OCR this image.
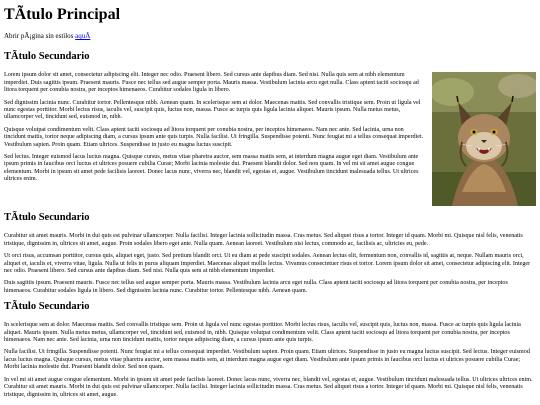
TÃtulo Principal

Abrir pÃ¡gina sin estilos aquÃ

TÃtulo Secundario

Lorem ipsum dolor sit amet, consectetur adipiscing elit. Integer nec odio. Praesent libero. Sed cursus ante dapibus diam. Sed nisi. Nulla quis sem at nibh elementum imperdiet. Duis sagittis ipsum. Praesent mauris. Fusce nec tellus sed augue semper porta. Mauris massa. Vestibulum lacinia arcu eget nulla. Class aptent taciti sociosqu ad litora torquent per conubia nostra, per inceptos himenaeos. Curabitur sodales ligula in libero.

Sed dignissim lacinia nunc. Curabitur tortor. Pellentesque nibh. Aenean quam. In scelerisque sem at dolor. Maecenas mattis. Sed convallis tristique sem. Proin ut ligula vel nunc egestas porttitor. Morbi lectus risus, iaculis vel, suscipit quis, luctus non, massa. Fusce ac turpis quis ligula lacinia aliquet. Mauris ipsum. Nulla metus metus, ullamcorper vel, tincidunt sed, euismod in, nibh.

Quisque volutpat condimentum velit. Class aptent taciti sociosqu ad litora torquent per conubia nostra, per inceptos himenaeos. Nam nec ante. Sed lacinia, urna non tincidunt mattis, tortor neque adipiscing diam, a cursus ipsum ante quis turpis. Nulla facilisi. Ut fringilla. Suspendisse potenti. Nunc feugiat mi a tellus consequat imperdiet. Vestibulum sapien. Proin quam. Etiam ultrices. Suspendisse in justo eu magna luctus suscipit.

Sed lectus. Integer euismod lacus luctus magna. Quisque cursus, metus vitae pharetra auctor, sem massa mattis sem, at interdum magna augue eget diam. Vestibulum ante ipsum primis in faucibus orci luctus et ultrices posuere cubilia Curae; Morbi lacinia molestie dui. Praesent blandit dolor. Sed non quam. In vel mi sit amet augue congue elementum. Morbi in ipsum sit amet pede facilisis laoreet. Donec lacus nunc, viverra nec, blandit vel, egestas et, augue. Vestibulum tincidunt malesuada tellus. Ut ultrices ultrices enim.

TÃtulo Secundario

Curabitur sit amet mauris. Morbi in dui quis est pulvinar ullamcorper. Nulla facilisi. Integer lacinia sollicitudin massa. Cras metus. Sed aliquet risus a tortor. Integer id quam. Morbi mi. Quisque nisl felis, venenatis tristique, dignissim in, ultrices sit amet, augue. Proin sodales libero eget ante. Nulla quam. Aenean laoreet. Vestibulum nisi lectus, commodo ac, facilisis ac, ultricies eu, pede.

Ut orci risus, accumsan porttitor, cursus quis, aliquet eget, justo. Sed pretium blandit orci. Ut eu diam at pede suscipit sodales. Aenean lectus elit, fermentum non, convallis id, sagittis at, neque. Nullam mauris orci, aliquet et, iaculis et, viverra vitae, ligula. Nulla ut felis in purus aliquam imperdiet. Maecenas aliquet mollis lectus. Vivamus consectetuer risus et tortor. Lorem ipsum dolor sit amet, consectetur adipiscing elit. Integer nec odio. Praesent libero. Sed cursus ante dapibus diam. Sed nisi. Nulla quis sem at nibh elementum imperdiet.

Duis sagittis ipsum. Praesent mauris. Fusce nec tellus sed augue semper porta. Mauris massa. Vestibulum lacinia arcu eget nulla. Class aptent taciti sociosqu ad litora torquent per conubia nostra, per inceptos himenaeos. Curabitur sodales ligula in libero. Sed dignissim lacinia nunc. Curabitur tortor. Pellentesque nibh. Aenean quam.

TÃtulo Secundario

In scelerisque sem at dolor. Maecenas mattis. Sed convallis tristique sem. Proin ut ligula vel nunc egestas porttitor. Morbi lectus risus, iaculis vel, suscipit quis, luctus non, massa. Fusce ac turpis quis ligula lacinia aliquet. Mauris ipsum. Nulla metus metus, ullamcorper vel, tincidunt sed, euismod in, nibh. Quisque volutpat condimentum velit. Class aptent taciti sociosqu ad litora torquent per conubia nostra, per inceptos himenaeos. Nam nec ante. Sed lacinia, urna non tincidunt mattis, tortor neque adipiscing diam, a cursus ipsum ante quis turpis.

Nulla facilisi. Ut fringilla. Suspendisse potenti. Nunc feugiat mi a tellus consequat imperdiet. Vestibulum sapien. Proin quam. Etiam ultrices. Suspendisse in justo eu magna luctus suscipit. Sed lectus. Integer euismod lacus luctus magna. Quisque cursus, metus vitae pharetra auctor, sem massa mattis sem, at interdum magna augue eget diam. Vestibulum ante ipsum primis in faucibus orci luctus et ultrices posuere cubilia Curae; Morbi lacinia molestie dui. Praesent blandit dolor. Sed non quam.

In vel mi sit amet augue congue elementum. Morbi in ipsum sit amet pede facilisis laoreet. Donec lacus nunc, viverra nec, blandit vel, egestas et, augue. Vestibulum tincidunt malesuada tellus. Ut ultrices ultrices enim. Curabitur sit amet mauris. Morbi in dui quis est pulvinar ullamcorper. Nulla facilisi. Integer lacinia sollicitudin massa. Cras metus. Sed aliquet risus a tortor. Integer id quam. Morbi mi. Quisque nisl felis, venenatis tristique, dignissim in, ultrices sit amet, augue.
